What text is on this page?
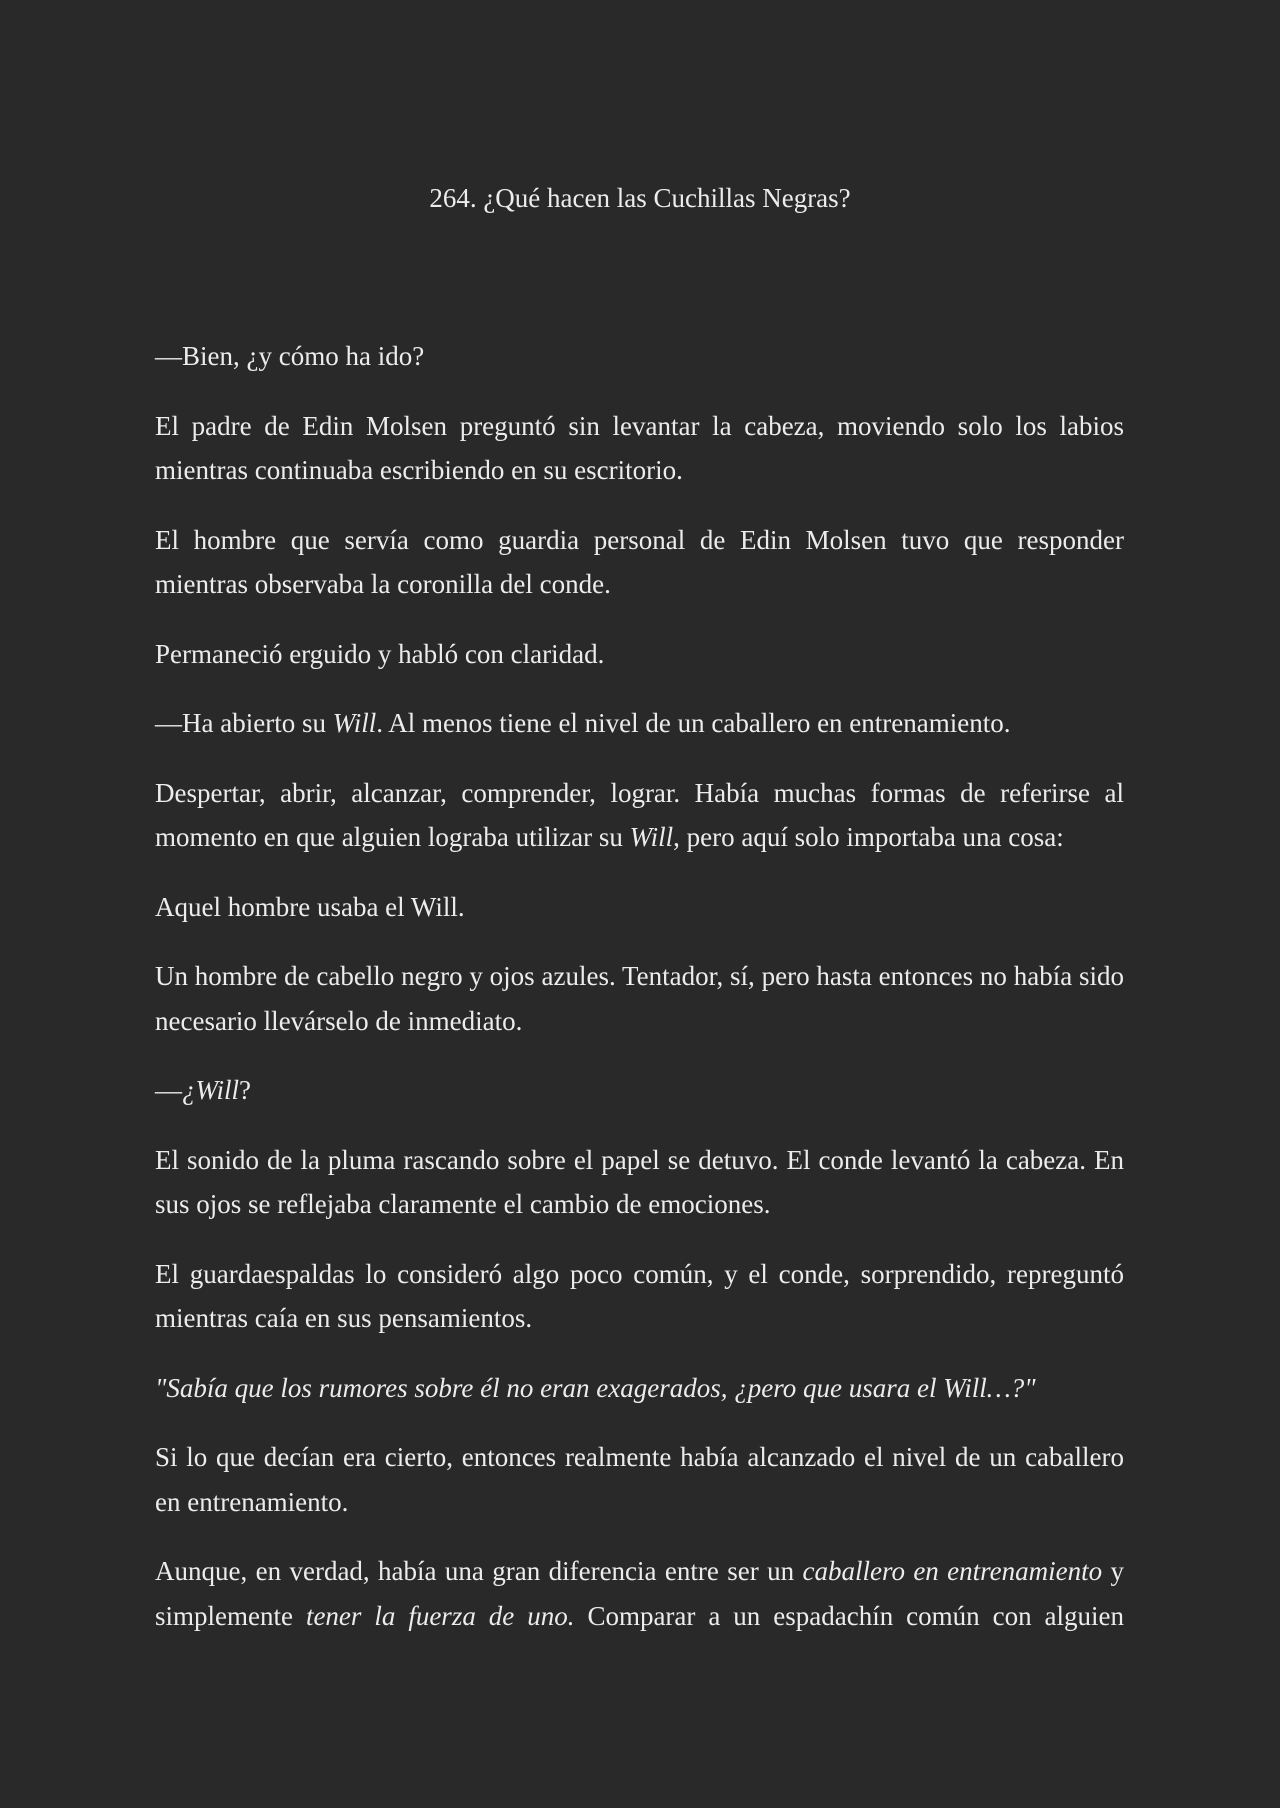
264. ¿Qué hacen las Cuchillas Negras?

—Bien, ¿y cómo ha ido?

El padre de Edin Molsen preguntó sin levantar la cabeza, moviendo solo los labios mientras continuaba escribiendo en su escritorio.

El hombre que servía como guardia personal de Edin Molsen tuvo que responder mientras observaba la coronilla del conde.

Permaneció erguido y habló con claridad.

—Ha abierto su Will. Al menos tiene el nivel de un caballero en entrenamiento.

Despertar, abrir, alcanzar, comprender, lograr. Había muchas formas de referirse al momento en que alguien lograba utilizar su Will, pero aquí solo importaba una cosa:

Aquel hombre usaba el Will.

Un hombre de cabello negro y ojos azules. Tentador, sí, pero hasta entonces no había sido necesario llevárselo de inmediato.

—¿Will?

El sonido de la pluma rascando sobre el papel se detuvo. El conde levantó la cabeza. En sus ojos se reflejaba claramente el cambio de emociones.

El guardaespaldas lo consideró algo poco común, y el conde, sorprendido, repreguntó mientras caía en sus pensamientos.

"Sabía que los rumores sobre él no eran exagerados, ¿pero que usara el Will…?"

Si lo que decían era cierto, entonces realmente había alcanzado el nivel de un caballero en entrenamiento.

Aunque, en verdad, había una gran diferencia entre ser un caballero en entrenamiento y simplemente tener la fuerza de uno. Comparar a un espadachín común con alguien
